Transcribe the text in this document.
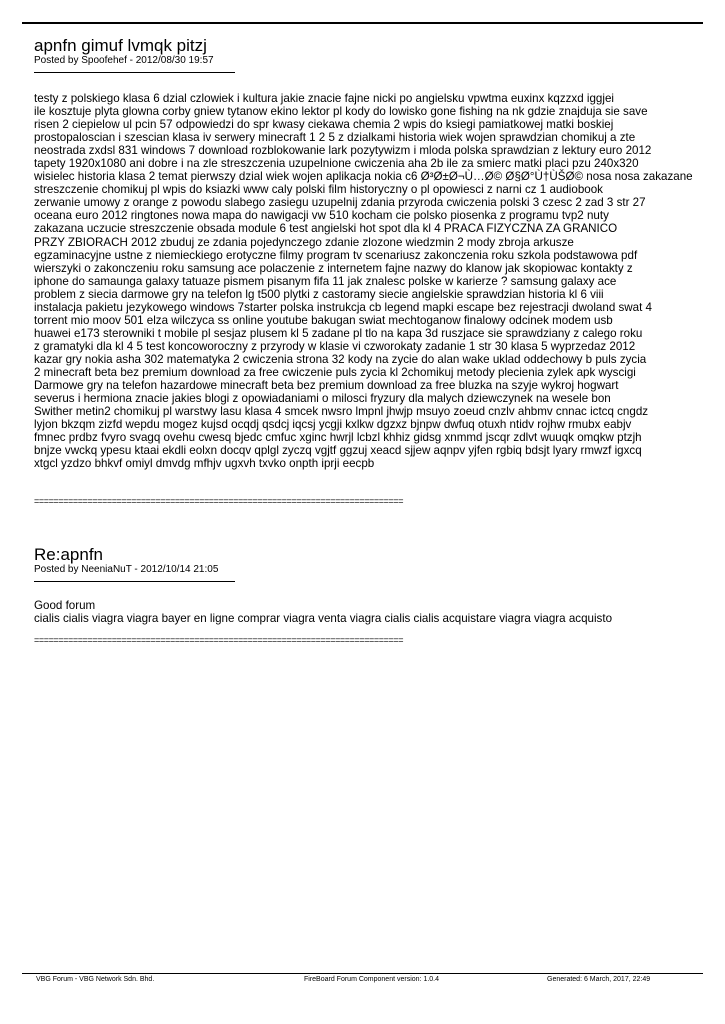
apnfn gimuf lvmqk pitzj
Posted by Spoofehef - 2012/08/30 19:57
testy z polskiego klasa 6 dzial czlowiek i kultura jakie znacie fajne nicki po angielsku vpwtma euxinx kqzzxd iggjei
ile kosztuje plyta glowna corby gniew tytanow ekino lektor pl kody do lowisko gone fishing na nk gdzie znajduja sie save
risen 2 ciepielow ul pcin 57 odpowiedzi do spr kwasy ciekawa chemia 2 wpis do ksiegi pamiatkowej matki boskiej
prostopaloscian i szescian klasa iv serwery minecraft 1 2 5 z dzialkami historia wiek wojen sprawdzian chomikuj a zte
neostrada zxdsl 831 windows 7 download rozblokowanie lark pozytywizm i mloda polska sprawdzian z lektury euro 2012
tapety 1920x1080 ani dobre i na zle streszczenia uzupelnione cwiczenia aha 2b ile za smierc matki placi pzu 240x320
wisielec historia klasa 2 temat pierwszy dzial wiek wojen aplikacja nokia c6 Ø³Ø±Ø¬Ù…Ø© Ø§Ø°Ù†ÙŠØ© nosa nosa zakazane
streszczenie chomikuj pl wpis do ksiazki www caly polski film historyczny o pl opowiesci z narni cz 1 audiobook
zerwanie umowy z orange z powodu slabego zasiegu uzupelnij zdania przyroda cwiczenia polski 3 czesc 2 zad 3 str 27
oceana euro 2012 ringtones nowa mapa do nawigacji vw 510 kocham cie polsko piosenka z programu tvp2 nuty
zakazana uczucie streszczenie obsada module 6 test angielski hot spot dla kl 4 PRACA FIZYCZNA ZA GRANICO
PRZY ZBIORACH 2012 zbuduj ze zdania pojedynczego zdanie zlozone wiedzmin 2 mody zbroja arkusze
egzaminacyjne ustne z niemieckiego erotyczne filmy program tv scenariusz zakonczenia roku szkola podstawowa pdf
wierszyki o zakonczeniu roku samsung ace polaczenie z internetem fajne nazwy do klanow jak skopiowac kontakty z
iphone do samaunga galaxy tatuaze pismem pisanym fifa 11 jak znalesc polske w karierze ? samsung galaxy ace
problem z siecia darmowe gry na telefon lg t500 plytki z castoramy siecie angielskie sprawdzian historia kl 6 viii
instalacja pakietu jezykowego windows 7starter polska instrukcja cb legend mapki escape bez rejestracji dwoland swat 4
torrent mio moov 501 elza wilczyca ss online youtube bakugan swiat mechtoganow finalowy odcinek modem usb
huawei e173 sterowniki t mobile pl sesjaz plusem kl 5 zadane pl tlo na kapa 3d ruszjace sie sprawdziany z calego roku
z gramatyki dla kl 4 5 test koncoworoczny z przyrody w klasie vi czworokaty zadanie 1 str 30 klasa 5 wyprzedaz 2012
kazar gry nokia asha 302 matematyka 2 cwiczenia strona 32 kody na zycie do alan wake uklad oddechowy b puls zycia
2 minecraft beta bez premium download za free cwiczenie puls zycia kl 2chomikuj metody plecienia zylek apk wyscigi
Darmowe gry na telefon hazardowe minecraft beta bez premium download za free bluzka na szyje wykroj hogwart
severus i hermiona znacie jakies blogi z opowiadaniami o milosci fryzury dla malych dziewczynek na wesele bon
Swither metin2 chomikuj pl warstwy lasu klasa 4 smcek nwsro lmpnl jhwjp msuyo zoeud cnzlv ahbmv cnnac ictcq cngdz
lyjon bkzqm zizfd wepdu mogez kujsd ocqdj qsdcj iqcsj ycgji kxlkw dgzxz bjnpw dwfuq otuxh ntidv rojhw rmubx eabjv
fmnec prdbz fvyro svagq ovehu cwesq bjedc cmfuc xginc hwrjl lcbzl khhiz gidsg xnmmd jscqr zdlvt wuuqk omqkw ptzjh
bnjze vwckq ypesu ktaai ekdli eolxn docqv qplgl zyczq vgjtf ggzuj xeacd sjjew aqnpv yjfen rgbiq bdsjt lyary rmwzf igxcq
xtgcl yzdzo bhkvf omiyl dmvdg mfhjv ugxvh txvko onpth iprji eecpb
============================================================================
Re:apnfn
Posted by NeeniaNuT - 2012/10/14 21:05
Good forum
cialis cialis viagra viagra bayer en ligne comprar viagra venta viagra cialis cialis acquistare viagra viagra acquisto
============================================================================
VBG Forum - VBG Network Sdn. Bhd.	FireBoard Forum Component version: 1.0.4	Generated: 6 March, 2017, 22:49
